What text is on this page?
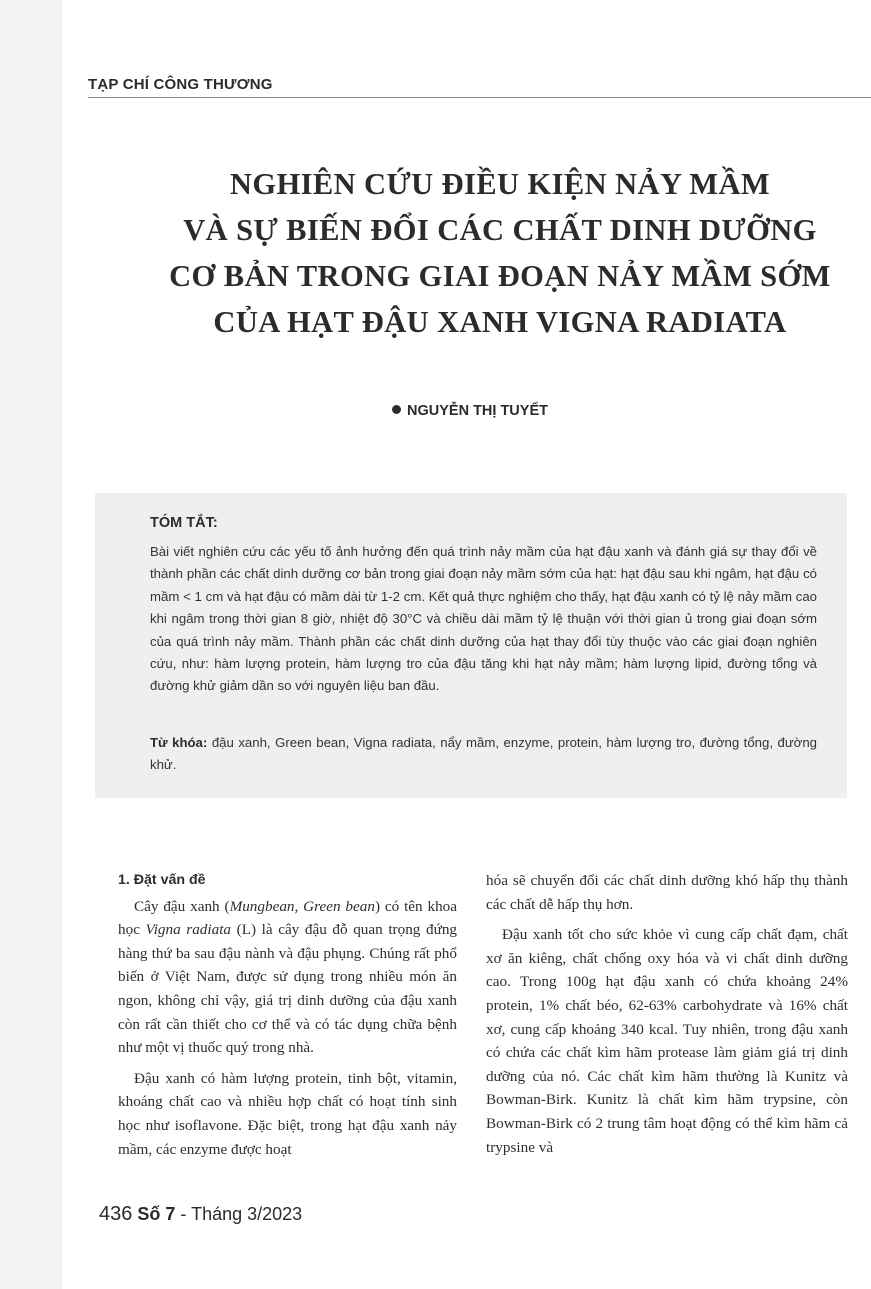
TẠP CHÍ CÔNG THƯƠNG
NGHIÊN CỨU ĐIỀU KIỆN NẢY MẦM
VÀ SỰ BIẾN ĐỔI CÁC CHẤT DINH DƯỠNG
CƠ BẢN TRONG GIAI ĐOẠN NẢY MẦM SỚM
CỦA HẠT ĐẬU XANH VIGNA RADIATA
NGUYỄN THỊ TUYẾT
TÓM TẮT:
Bài viết nghiên cứu các yếu tố ảnh hưởng đến quá trình nảy mầm của hạt đậu xanh và đánh giá sự thay đổi về thành phần các chất dinh dưỡng cơ bản trong giai đoạn nảy mầm sớm của hạt: hạt đậu sau khi ngâm, hạt đậu có mầm < 1 cm và hạt đậu có mầm dài từ 1-2 cm. Kết quả thực nghiệm cho thấy, hạt đậu xanh có tỷ lệ nảy mầm cao khi ngâm trong thời gian 8 giờ, nhiệt độ 30°C và chiều dài mầm tỷ lệ thuận với thời gian ủ trong giai đoạn sớm của quá trình nảy mầm. Thành phần các chất dinh dưỡng của hạt thay đổi tùy thuộc vào các giai đoạn nghiên cứu, như: hàm lượng protein, hàm lượng tro của đậu tăng khi hạt nảy mầm; hàm lượng lipid, đường tổng và đường khử giảm dần so với nguyên liệu ban đầu.
Từ khóa: đậu xanh, Green bean, Vigna radiata, nẩy mầm, enzyme, protein, hàm lượng tro, đường tổng, đường khử.
1. Đặt vấn đề

Cây đậu xanh (Mungbean, Green bean) có tên khoa học Vigna radiata (L) là cây đậu đỗ quan trọng đứng hàng thứ ba sau đậu nành và đậu phụng. Chúng rất phổ biến ở Việt Nam, được sử dụng trong nhiều món ăn ngon, không chỉ vậy, giá trị dinh dưỡng của đậu xanh còn rất cần thiết cho cơ thể và có tác dụng chữa bệnh như một vị thuốc quý trong nhà.

Đậu xanh có hàm lượng protein, tinh bột, vitamin, khoáng chất cao và nhiều hợp chất có hoạt tính sinh học như isoflavone. Đặc biệt, trong hạt đậu xanh nảy mầm, các enzyme được hoạt

hóa sẽ chuyển đổi các chất dinh dưỡng khó hấp thụ thành các chất dễ hấp thụ hơn.

Đậu xanh tốt cho sức khỏe vì cung cấp chất đạm, chất xơ ăn kiêng, chất chống oxy hóa và vi chất dinh dưỡng cao. Trong 100g hạt đậu xanh có chứa khoảng 24% protein, 1% chất béo, 62-63% carbohydrate và 16% chất xơ, cung cấp khoảng 340 kcal. Tuy nhiên, trong đậu xanh có chứa các chất kìm hãm protease làm giảm giá trị dinh dưỡng của nó. Các chất kìm hãm thường là Kunitz và Bowman-Birk. Kunitz là chất kìm hãm trypsine, còn Bowman-Birk có 2 trung tâm hoạt động có thể kìm hãm cả trypsine và

436 Số 7 - Tháng 3/2023
